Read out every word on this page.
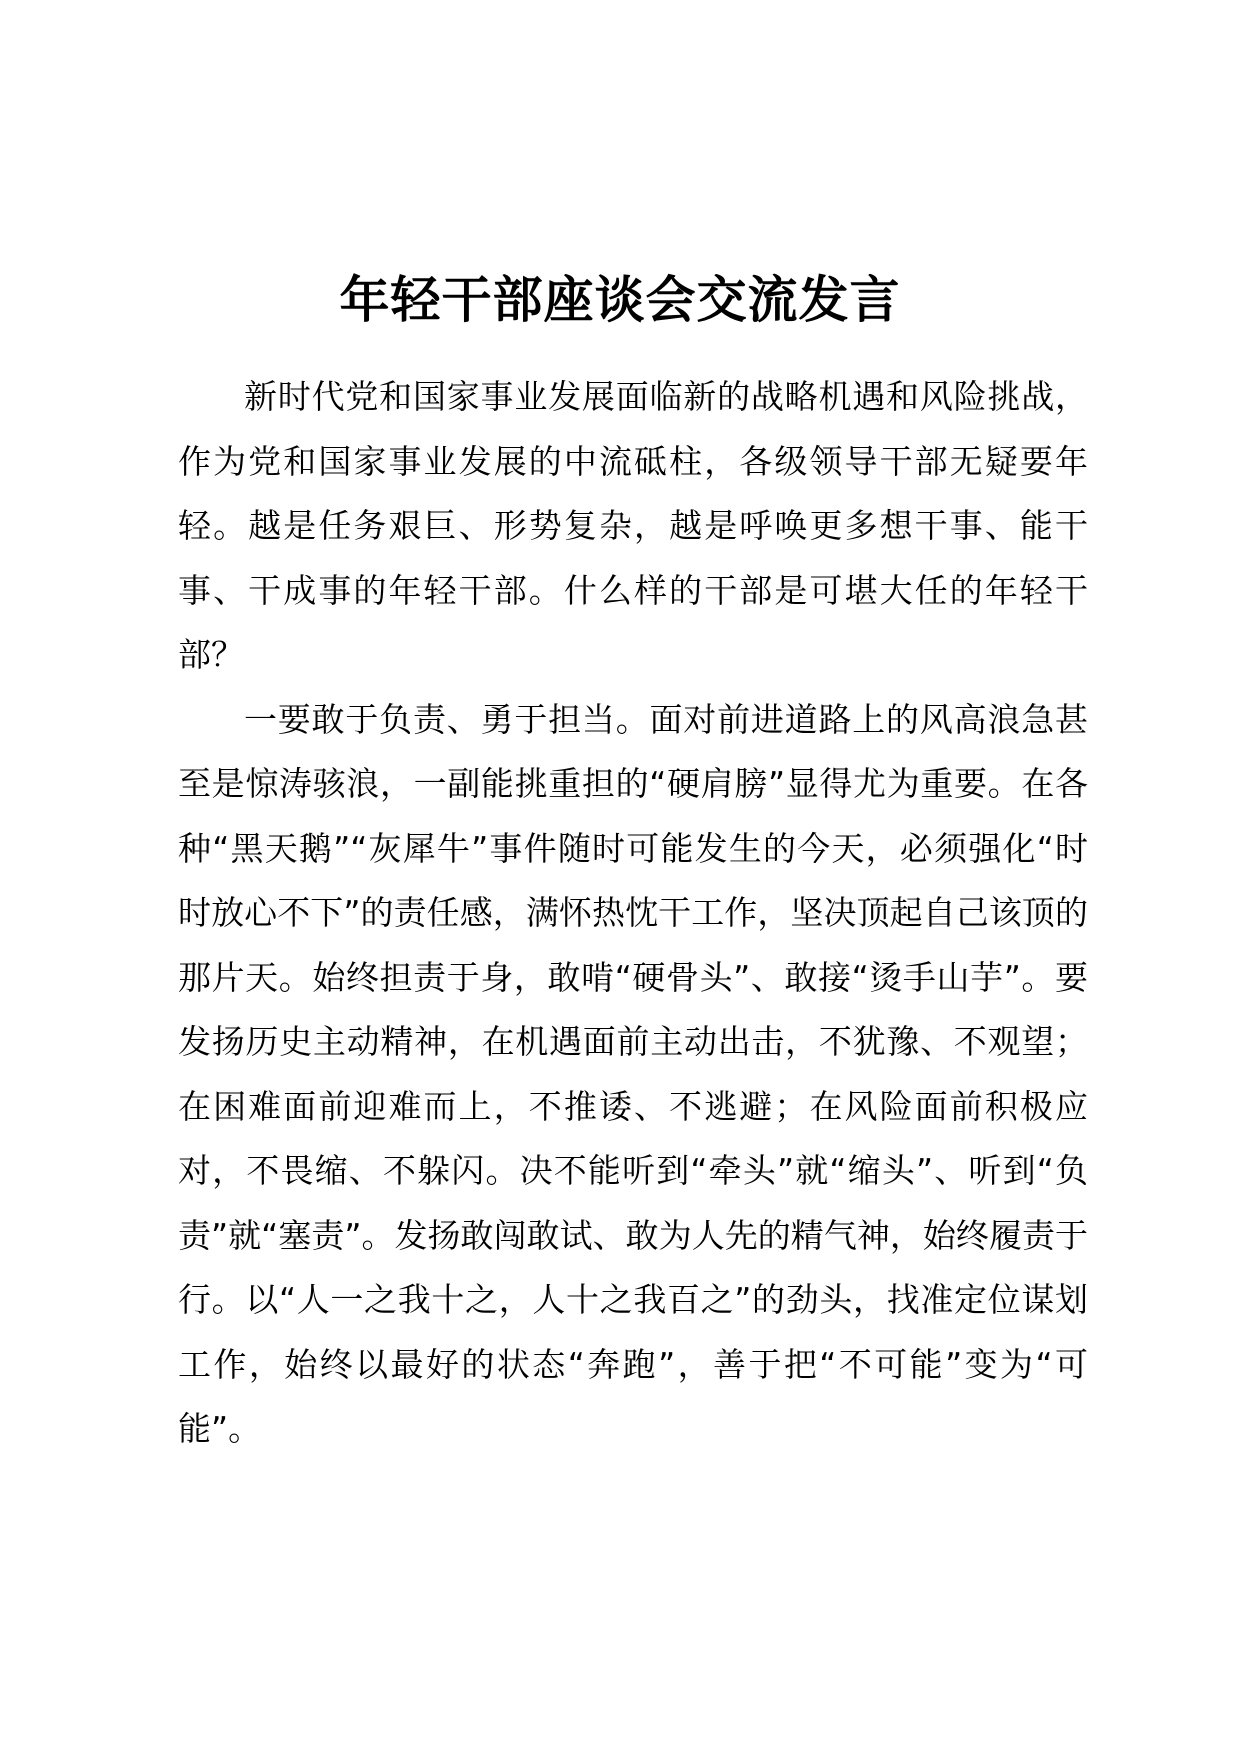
年轻干部座谈会交流发言

新时代党和国家事业发展面临新的战略机遇和风险挑战，作为党和国家事业发展的中流砥柱，各级领导干部无疑要年轻。越是任务艰巨、形势复杂，越是呼唤更多想干事、能干事、干成事的年轻干部。什么样的干部是可堪大任的年轻干部？

一要敢于负责、勇于担当。面对前进道路上的风高浪急甚至是惊涛骇浪，一副能挑重担的“硬肩膀”显得尤为重要。在各种“黑天鹅”“灰犀牛”事件随时可能发生的今天，必须强化“时时放心不下”的责任感，满怀热忱干工作，坚决顶起自己该顶的那片天。始终担责于身，敢啃“硬骨头”、敢接“烫手山芋”。要发扬历史主动精神，在机遇面前主动出击，不犹豫、不观望；在困难面前迎难而上，不推诿、不逃避；在风险面前积极应对，不畏缩、不躲闪。决不能听到“牵头”就“缩头”、听到“负责”就“塞责”。发扬敢闯敢试、敢为人先的精气神，始终履责于行。以“人一之我十之，人十之我百之”的劲头，找准定位谋划工作，始终以最好的状态“奔跑”，善于把“不可能”变为“可能”。
